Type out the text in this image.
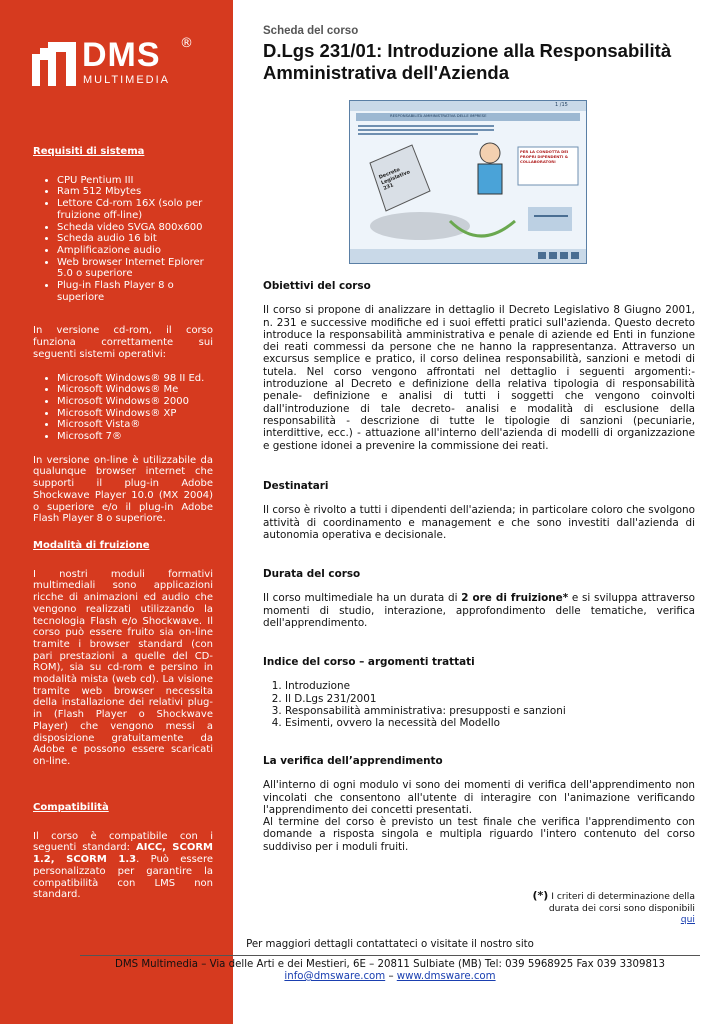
DMS ®
MULTIMEDIA
Requisiti di sistema
• CPU Pentium III
• Ram 512 Mbytes
• Lettore Cd-rom 16X (solo per fruizione off-line)
• Scheda video SVGA 800x600
• Scheda audio 16 bit
• Amplificazione audio
• Web browser Internet Eplorer 5.0 o superiore
• Plug-in Flash Player 8 o superiore

In versione cd-rom, il corso funziona correttamente sui seguenti sistemi operativi:

• Microsoft Windows® 98 II Ed.
• Microsoft Windows® Me
• Microsoft Windows® 2000
• Microsoft Windows® XP
• Microsoft Vista®
• Microsoft 7®

In versione on-line è utilizzabile da qualunque browser internet che supporti il plug-in Adobe Shockwave Player 10.0 (MX 2004) o superiore e/o il plug-in Adobe Flash Player 8 o superiore.

Modalità di fruizione

I nostri moduli formativi multimediali sono applicazioni ricche di animazioni ed audio che vengono realizzati utilizzando la tecnologia Flash e/o Shockwave. Il corso può essere fruito sia on-line tramite i browser standard (con pari prestazioni a quelle del CD-ROM), sia su cd-rom e persino in modalità mista (web cd). La visione tramite web browser necessita della installazione dei relativi plug-in (Flash Player o Shockwave Player) che vengono messi a disposizione gratuitamente da Adobe e possono essere scaricati on-line.

Compatibilità

Il corso è compatibile con i seguenti standard: AICC, SCORM 1.2, SCORM 1.3. Può essere personalizzato per garantire la compatibilità con LMS non standard.

Scheda del corso
D.Lgs 231/01: Introduzione alla Responsabilità Amministrativa dell'Azienda
RESPONSABILITÀ AMMINISTRATIVA DELLE IMPRESE
1 /15
Decreto Legislativo 231
PER LA CONDOTTA DEI PROPRI DIPENDENTI & COLLABORATORI
Obiettivi del corso

Il corso si propone di analizzare in dettaglio il Decreto Legislativo 8 Giugno 2001, n. 231 e successive modifiche ed i suoi effetti pratici sull'azienda. Questo decreto introduce la responsabilità amministrativa e penale di aziende ed Enti in funzione dei reati commessi da persone che ne hanno la rappresentanza. Attraverso un excursus semplice e pratico, il corso delinea responsabilità, sanzioni e metodi di tutela. Nel corso vengono affrontati nel dettaglio i seguenti argomenti:- introduzione al Decreto e definizione della relativa tipologia di responsabilità penale- definizione e analisi di tutti i soggetti che vengono coinvolti dall'introduzione di tale decreto- analisi e modalità di esclusione della responsabilità - descrizione di tutte le tipologie di sanzioni (pecuniarie, interdittive, ecc.) - attuazione all'interno dell'azienda di modelli di organizzazione e gestione idonei a prevenire la commissione dei reati.

Destinatari

Il corso è rivolto a tutti i dipendenti dell'azienda; in particolare coloro che svolgono attività di coordinamento e management e che sono investiti dall'azienda di autonomia operativa e decisionale.

Durata del corso

Il corso multimediale ha un durata di 2 ore di fruizione* e si sviluppa attraverso momenti di studio, interazione, approfondimento delle tematiche, verifica dell'apprendimento.

Indice del corso – argomenti trattati
1. Introduzione
2. Il D.Lgs 231/2001
3. Responsabilità amministrativa: presupposti e sanzioni
4. Esimenti, ovvero la necessità del Modello
La verifica dell’apprendimento

All'interno di ogni modulo vi sono dei momenti di verifica dell'apprendimento non vincolati che consentono all'utente di interagire con l'animazione verificando l'apprendimento dei concetti presentati.

Al termine del corso è previsto un test finale che verifica l'apprendimento con domande a risposta singola e multipla riguardo l'intero contenuto del corso suddiviso per i moduli fruiti.

(*) I criteri di determinazione della durata dei corsi sono disponibili
qui
Per maggiori dettagli contattateci o visitate il nostro sito
DMS Multimedia – Via delle Arti e dei Mestieri, 6E – 20811 Sulbiate (MB) Tel: 039 5968925 Fax 039 3309813
info@dmsware.com – www.dmsware.com
